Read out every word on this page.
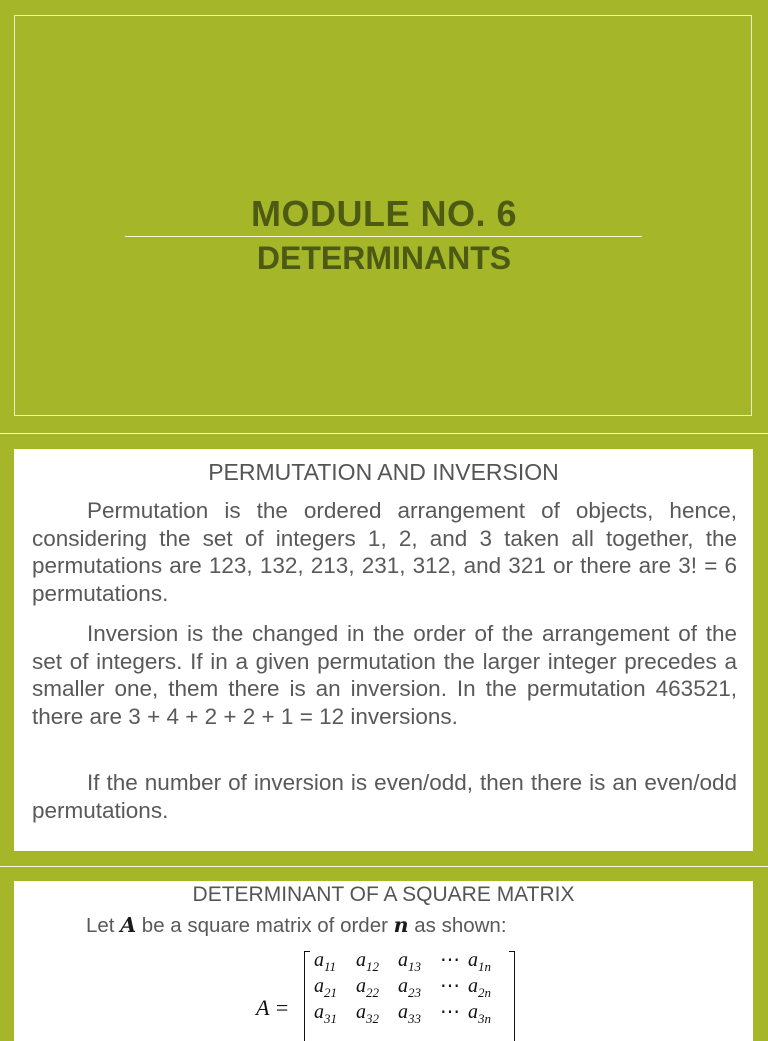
MODULE NO. 6
DETERMINANTS
PERMUTATION AND INVERSION

Permutation is the ordered arrangement of objects, hence, considering the set of integers 1, 2, and 3 taken all together, the permutations are 123, 132, 213, 231, 312, and 321 or there are 3! = 6 permutations.

Inversion is the changed in the order of the arrangement of the set of integers. If in a given permutation the larger integer precedes a smaller one, them there is an inversion. In the permutation 463521, there are 3 + 4 + 2 + 2 + 1 = 12 inversions.

If the number of inversion is even/odd, then there is an even/odd permutations.

DETERMINANT OF A SQUARE MATRIX
Let A be a square matrix of order n as shown:
A =
$a_{11}$ $a_{12}$ $a_{13}$ ⋯ $a_{1n}$
$a_{21}$ $a_{22}$ $a_{23}$ ⋯ $a_{2n}$
$a_{31}$ $a_{32}$ $a_{33}$ ⋯ $a_{3n}$
